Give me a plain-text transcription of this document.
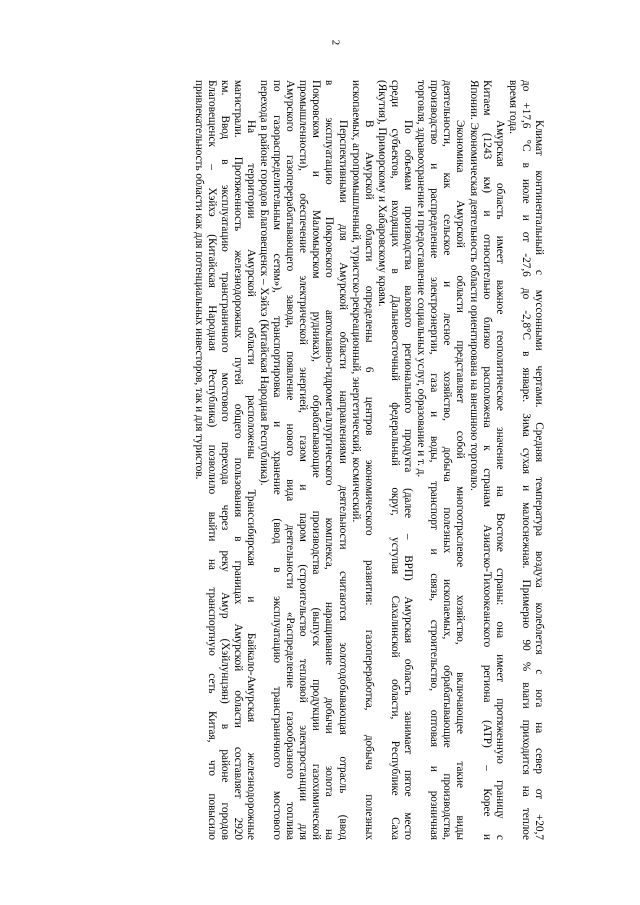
2
Климат континентальный с муссонными чертами. Средняя температура воздуха колеблется с юга на север от +20,7
до +17,6 °С в июле и от -27,6 до -2,8°С в январе. Зима сухая и малоснежная. Примерно 90 % влаги приходится на теплое
время года.
Амурская область имеет важное геополитическое значение на Востоке страны: она имеет протяженную границу с
Китаем (1243 км) и относительно близко расположена к странам Азиатско-Тихоокеанского региона (АТР) – Корее и
Японии. Экономическая деятельность области ориентирована на внешнюю торговлю.
Экономика Амурской области представляет собой многоотраслевое хозяйство, включающее такие виды
деятельности, как сельское и лесное хозяйство, добыча полезных ископаемых, обрабатывающие производства,
производство и распределение электроэнергии, газа и воды, транспорт и связь, строительство, оптовая и розничная
торговля, здравоохранение и предоставление социальных услуг, образование и т. д.
По объемам производства валового регионального продукта (далее – ВРП) Амурская область занимает пятое место
среди субъектов, входящих в Дальневосточный федеральный округ, уступая Сахалинской области, Республике Саха
(Якутия), Приморскому и Хабаровскому краям.
В Амурской области определены 6 центров экономического развития: газопереработка, добыча полезных
ископаемых, агропромышленный, туристско-рекреационный, энергетический, космический.
Перспективными для Амурской области направлениями деятельности считаются золотодобывающая отрасль (ввод
в эксплуатацию Покровского автоклавно-гидрометаллургического комплекса, наращивание добычи золота на
Покровском и Маломырском рудниках), обрабатывающие производства (выпуск продукции газохимической
промышленности), обеспечение электрической энергией, газом и паром (строительство тепловой электростанции для
Амурского газоперерабатывающего завода, появление нового вида деятельности «Распределение газообразного топлива
по газораспределительным сетям»), транспортировка и хранение (ввод в эксплуатацию трансграничного мостового
перехода в районе городов Благовещенск – Хэйхэ (Китайская Народная Республика).
На территории Амурской области расположены Транссибирская и Байкало-Амурская железнодорожные
магистрали. Протяженность железнодорожных путей общего пользования в границах Амурской области составляет 2920
км. Ввод в эксплуатацию трансграничного мостового перехода через реку Амур (Хэйлунцзян) в районе городов
Благовещенск – Хэйхэ (Китайская Народная Республика) позволило выйти на транспортную сеть Китая, что повысило
привлекательность области как для потенциальных инвесторов, так и для туристов.
